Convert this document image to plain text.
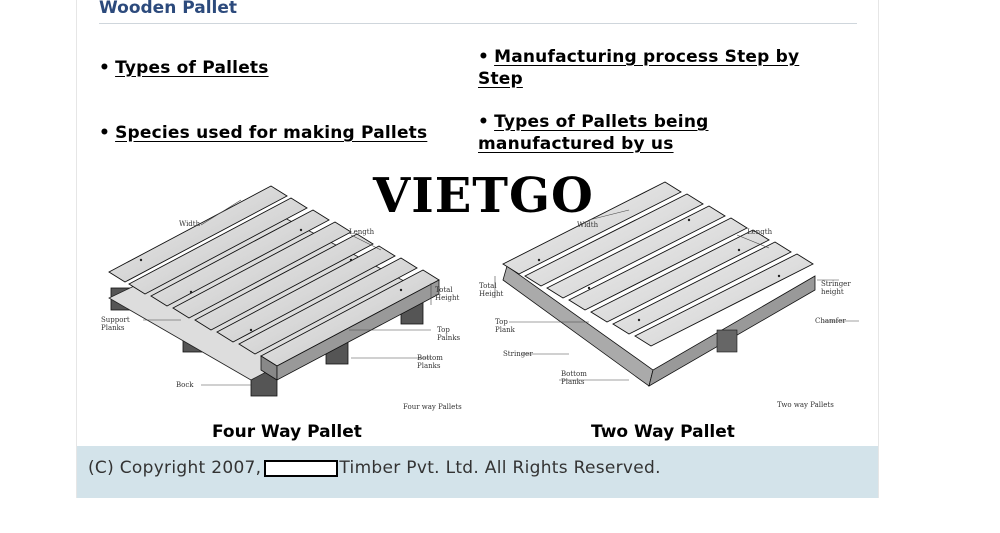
Wooden Pallet
• Types of Pallets
• Manufacturing process Step by Step
• Species used for making Pallets
• Types of Pallets being manufactured by us
Width
Length
Total
Height
Support
Planks	Top
Palnks
Bottom
Planks
Bock
Four way Pallets
Width
Length
Total
Height
Top
Plank
Stringer
Stringer
height
Chamfer
Bottom
Planks
Two way Pallets
VIETGO
Four Way Pallet	Two Way Pallet
(C) Copyright 2007,	Timber Pvt. Ltd. All Rights Reserved.
